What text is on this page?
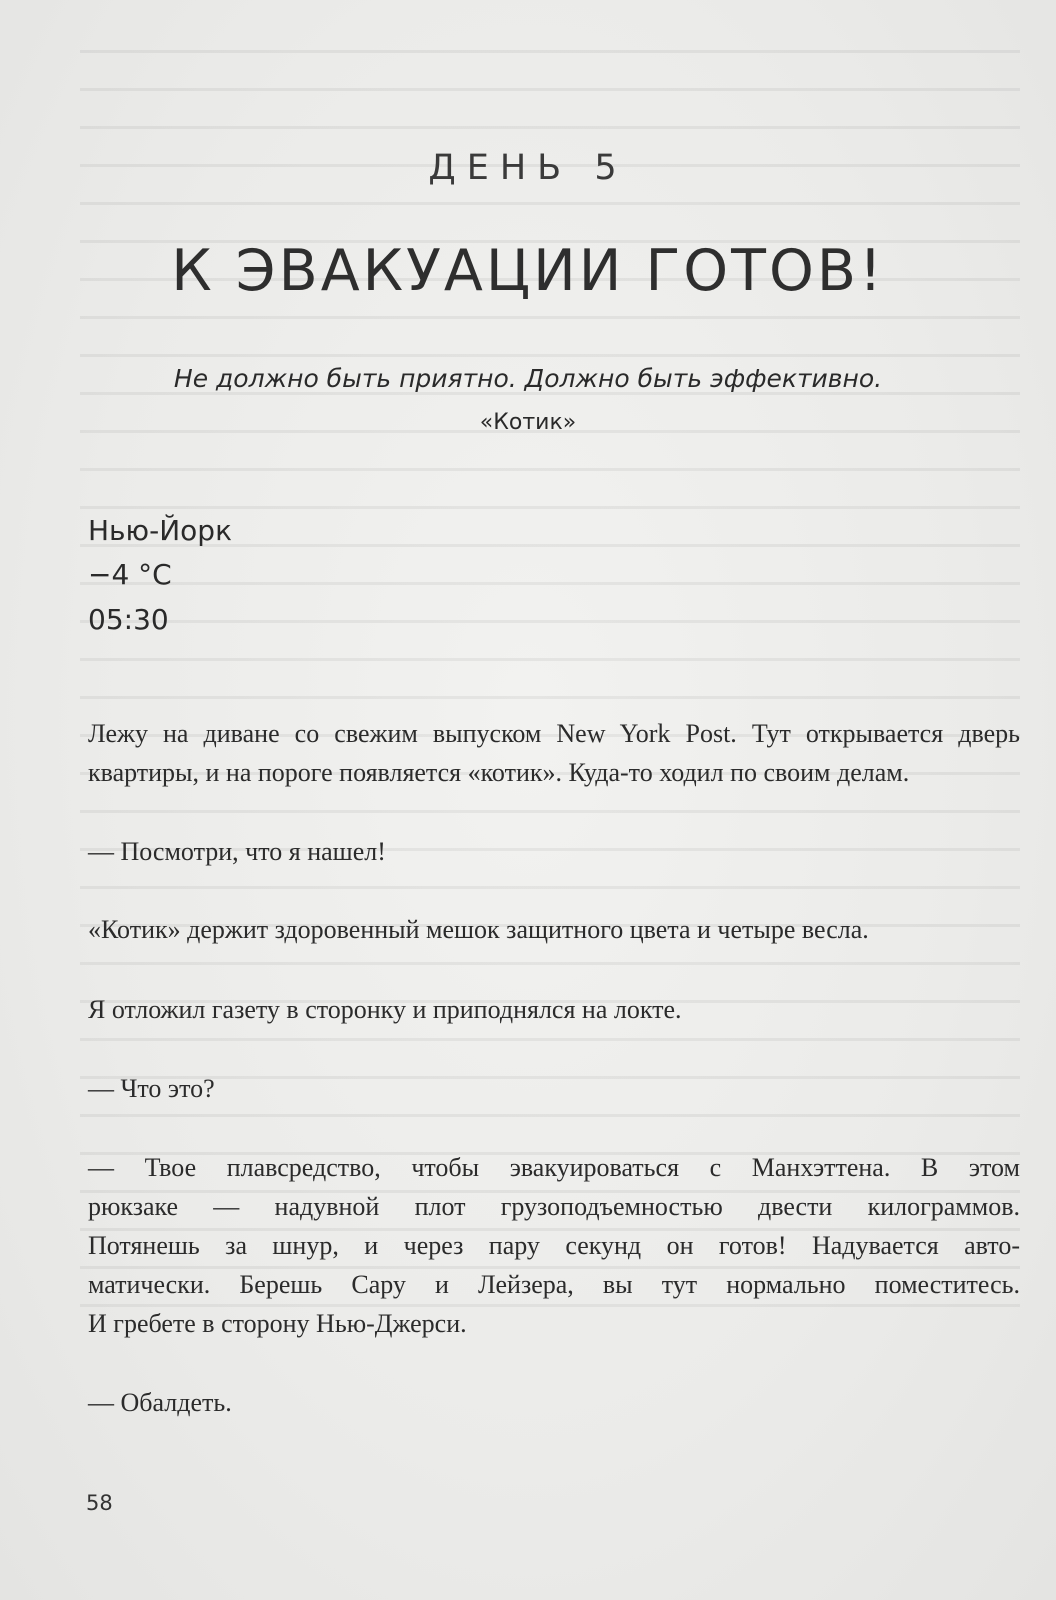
ДЕНЬ 5
К ЭВАКУАЦИИ ГОТОВ!
Не должно быть приятно. Должно быть эффективно.
«Котик»
Нью-Йорк
−4 °C
05:30
Лежу на диване со свежим выпуском New York Post. Тут открывается дверь
квартиры, и на пороге появляется «котик». Куда-то ходил по своим делам.
— Посмотри, что я нашел!
«Котик» держит здоровенный мешок защитного цвета и четыре весла.
Я отложил газету в сторонку и приподнялся на локте.
— Что это?
— Твое плавсредство, чтобы эвакуироваться с Манхэттена. В этом
рюкзаке — надувной плот грузоподъемностью двести килограммов.
Потянешь за шнур, и через пару секунд он готов! Надувается авто-
матически. Берешь Сару и Лейзера, вы тут нормально поместитесь.
И гребете в сторону Нью-Джерси.
— Обалдеть.
58
